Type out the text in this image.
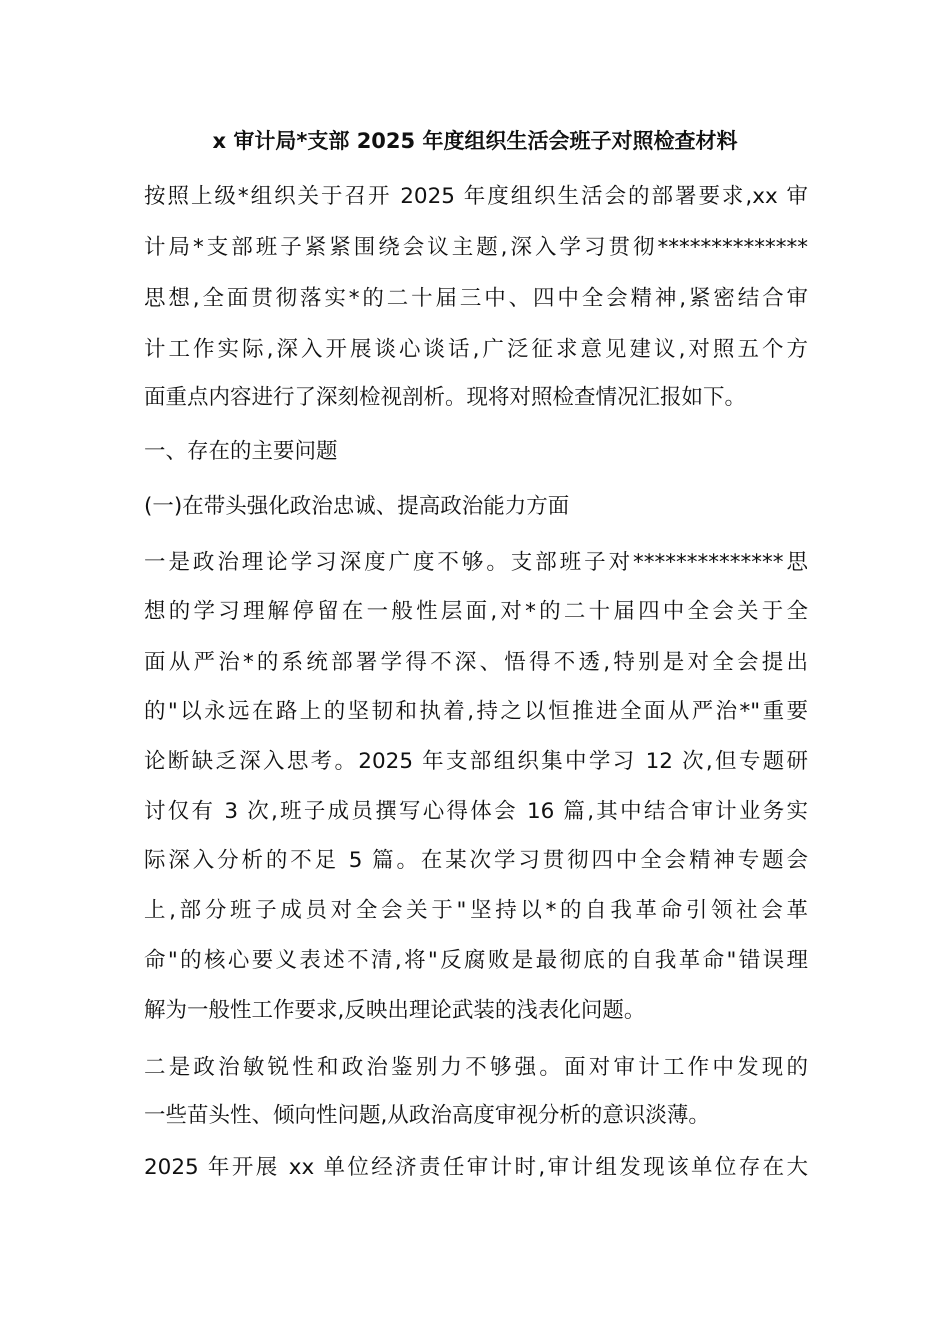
x 审计局*支部 2025 年度组织生活会班子对照检查材料

按照上级*组织关于召开 2025 年度组织生活会的部署要求,xx 审

计局*支部班子紧紧围绕会议主题,深入学习贯彻**************

思想,全面贯彻落实*的二十届三中、四中全会精神,紧密结合审

计工作实际,深入开展谈心谈话,广泛征求意见建议,对照五个方

面重点内容进行了深刻检视剖析。现将对照检查情况汇报如下。

一、存在的主要问题

(一)在带头强化政治忠诚、提高政治能力方面

一是政治理论学习深度广度不够。支部班子对**************思

想的学习理解停留在一般性层面,对*的二十届四中全会关于全

面从严治*的系统部署学得不深、悟得不透,特别是对全会提出

的"以永远在路上的坚韧和执着,持之以恒推进全面从严治*"重要

论断缺乏深入思考。2025 年支部组织集中学习 12 次,但专题研

讨仅有 3 次,班子成员撰写心得体会 16 篇,其中结合审计业务实

际深入分析的不足 5 篇。在某次学习贯彻四中全会精神专题会

上,部分班子成员对全会关于"坚持以*的自我革命引领社会革

命"的核心要义表述不清,将"反腐败是最彻底的自我革命"错误理

解为一般性工作要求,反映出理论武装的浅表化问题。

二是政治敏锐性和政治鉴别力不够强。面对审计工作中发现的

一些苗头性、倾向性问题,从政治高度审视分析的意识淡薄。

2025 年开展 xx 单位经济责任审计时,审计组发现该单位存在大
